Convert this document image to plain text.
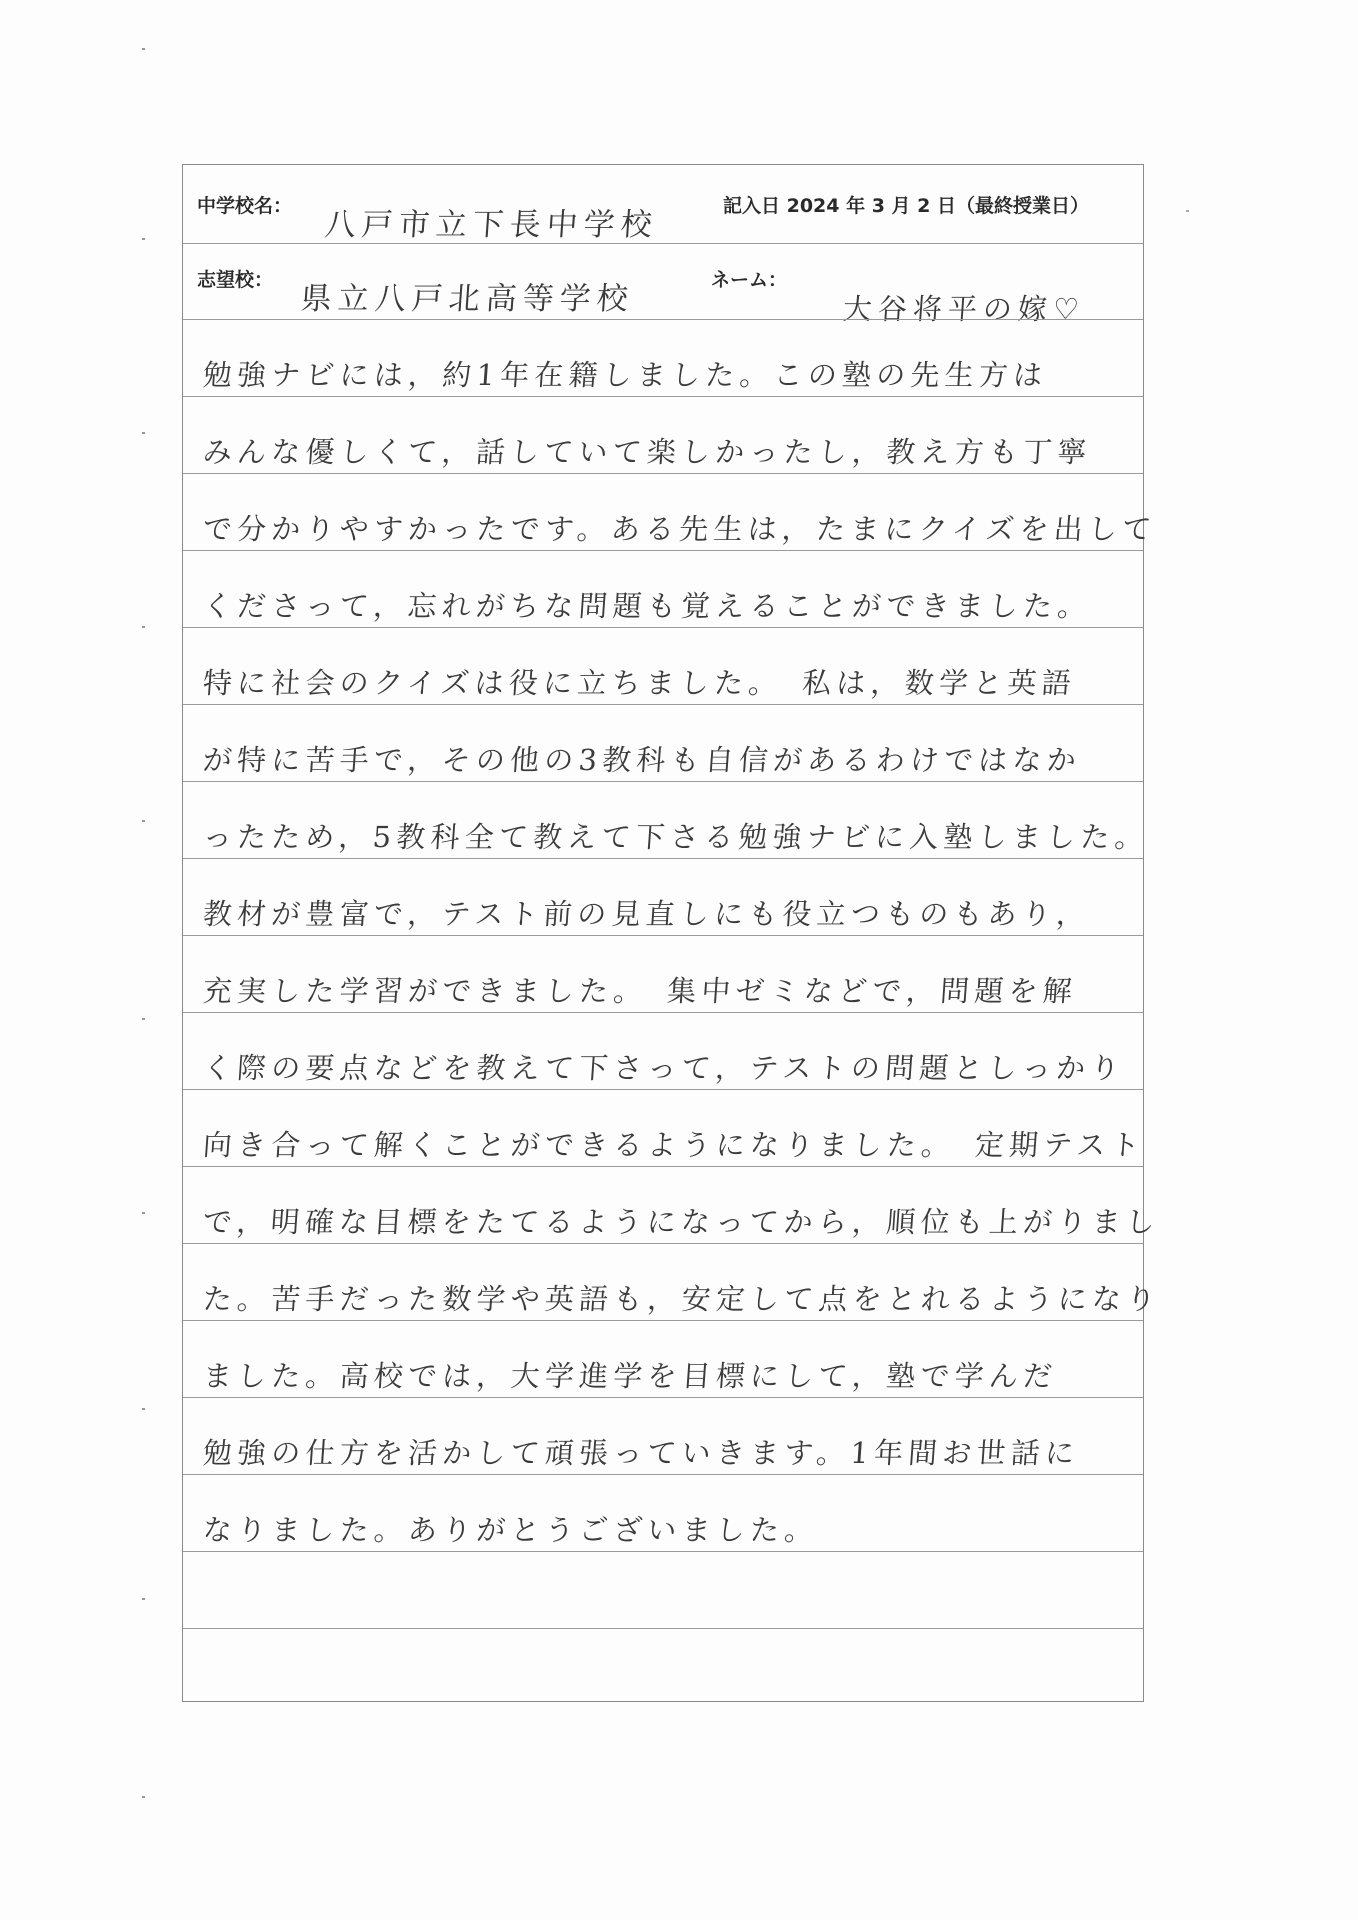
中学校名：
八戸市立下長中学校
記入日 2024 年 3 月 2 日（最終授業日）
志望校：
県立八戸北高等学校
ネーム：
大谷将平の嫁♡
勉強ナビには，約1年在籍しました。この塾の先生方は
みんな優しくて，話していて楽しかったし，教え方も丁寧
で分かりやすかったです。ある先生は，たまにクイズを出して
くださって，忘れがちな問題も覚えることができました。
特に社会のクイズは役に立ちました。　私は，数学と英語
が特に苦手で，その他の3教科も自信があるわけではなか
ったため，5教科全て教えて下さる勉強ナビに入塾しました。
教材が豊富で，テスト前の見直しにも役立つものもあり，
充実した学習ができました。　集中ゼミなどで，問題を解
く際の要点などを教えて下さって，テストの問題としっかり
向き合って解くことができるようになりました。　定期テスト
で，明確な目標をたてるようになってから，順位も上がりまし
た。苦手だった数学や英語も，安定して点をとれるようになり
ました。高校では，大学進学を目標にして，塾で学んだ
勉強の仕方を活かして頑張っていきます。1年間お世話に
なりました。ありがとうございました。
